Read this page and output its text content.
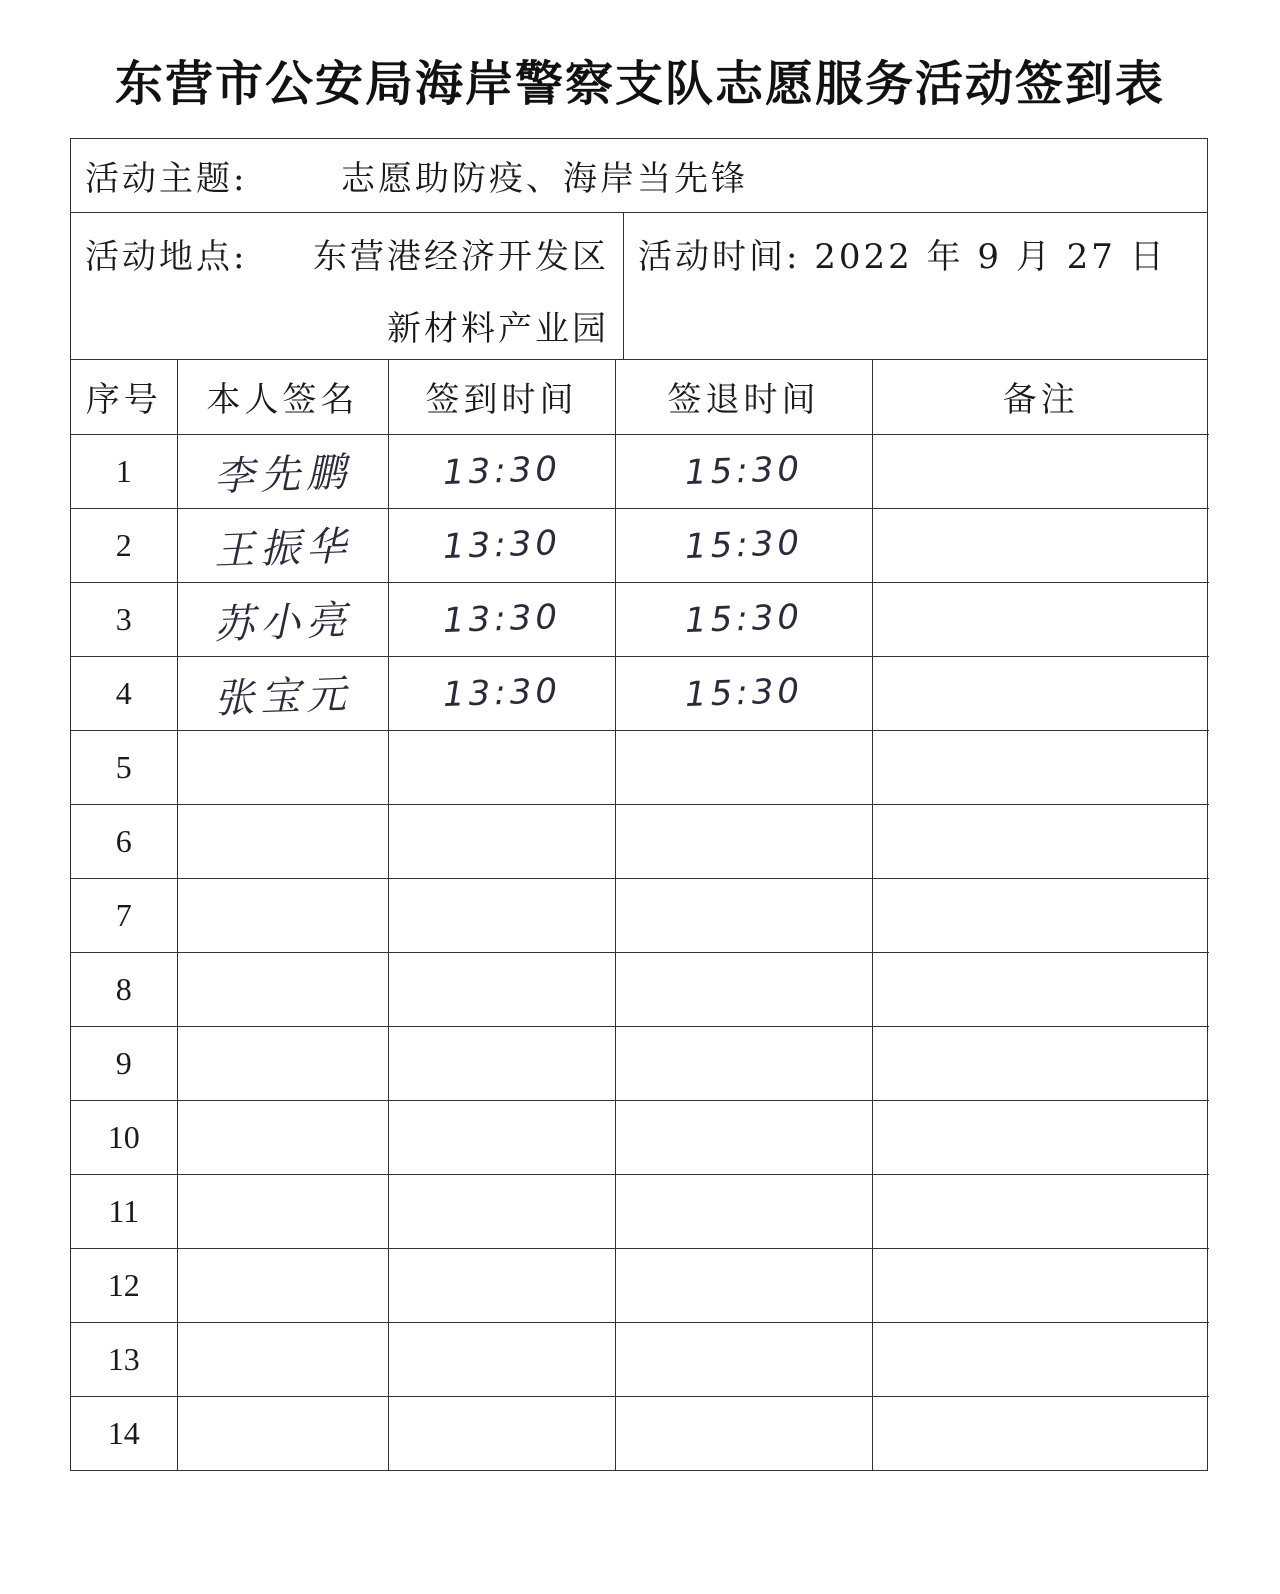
东营市公安局海岸警察支队志愿服务活动签到表
活动主题:	志愿助防疫、海岸当先锋
活动地点: 东营港经济开发区
新材料产业园
活动时间: 2022 年 9 月 27 日
序号	本人签名	签到时间	签退时间	备注
1	李先鹏	13:30	15:30	
2	王振华	13:30	15:30	
3	苏小亮	13:30	15:30	
4	张宝元	13:30	15:30	
5				
6				
7				
8				
9				
10				
11				
12				
13				
14				
